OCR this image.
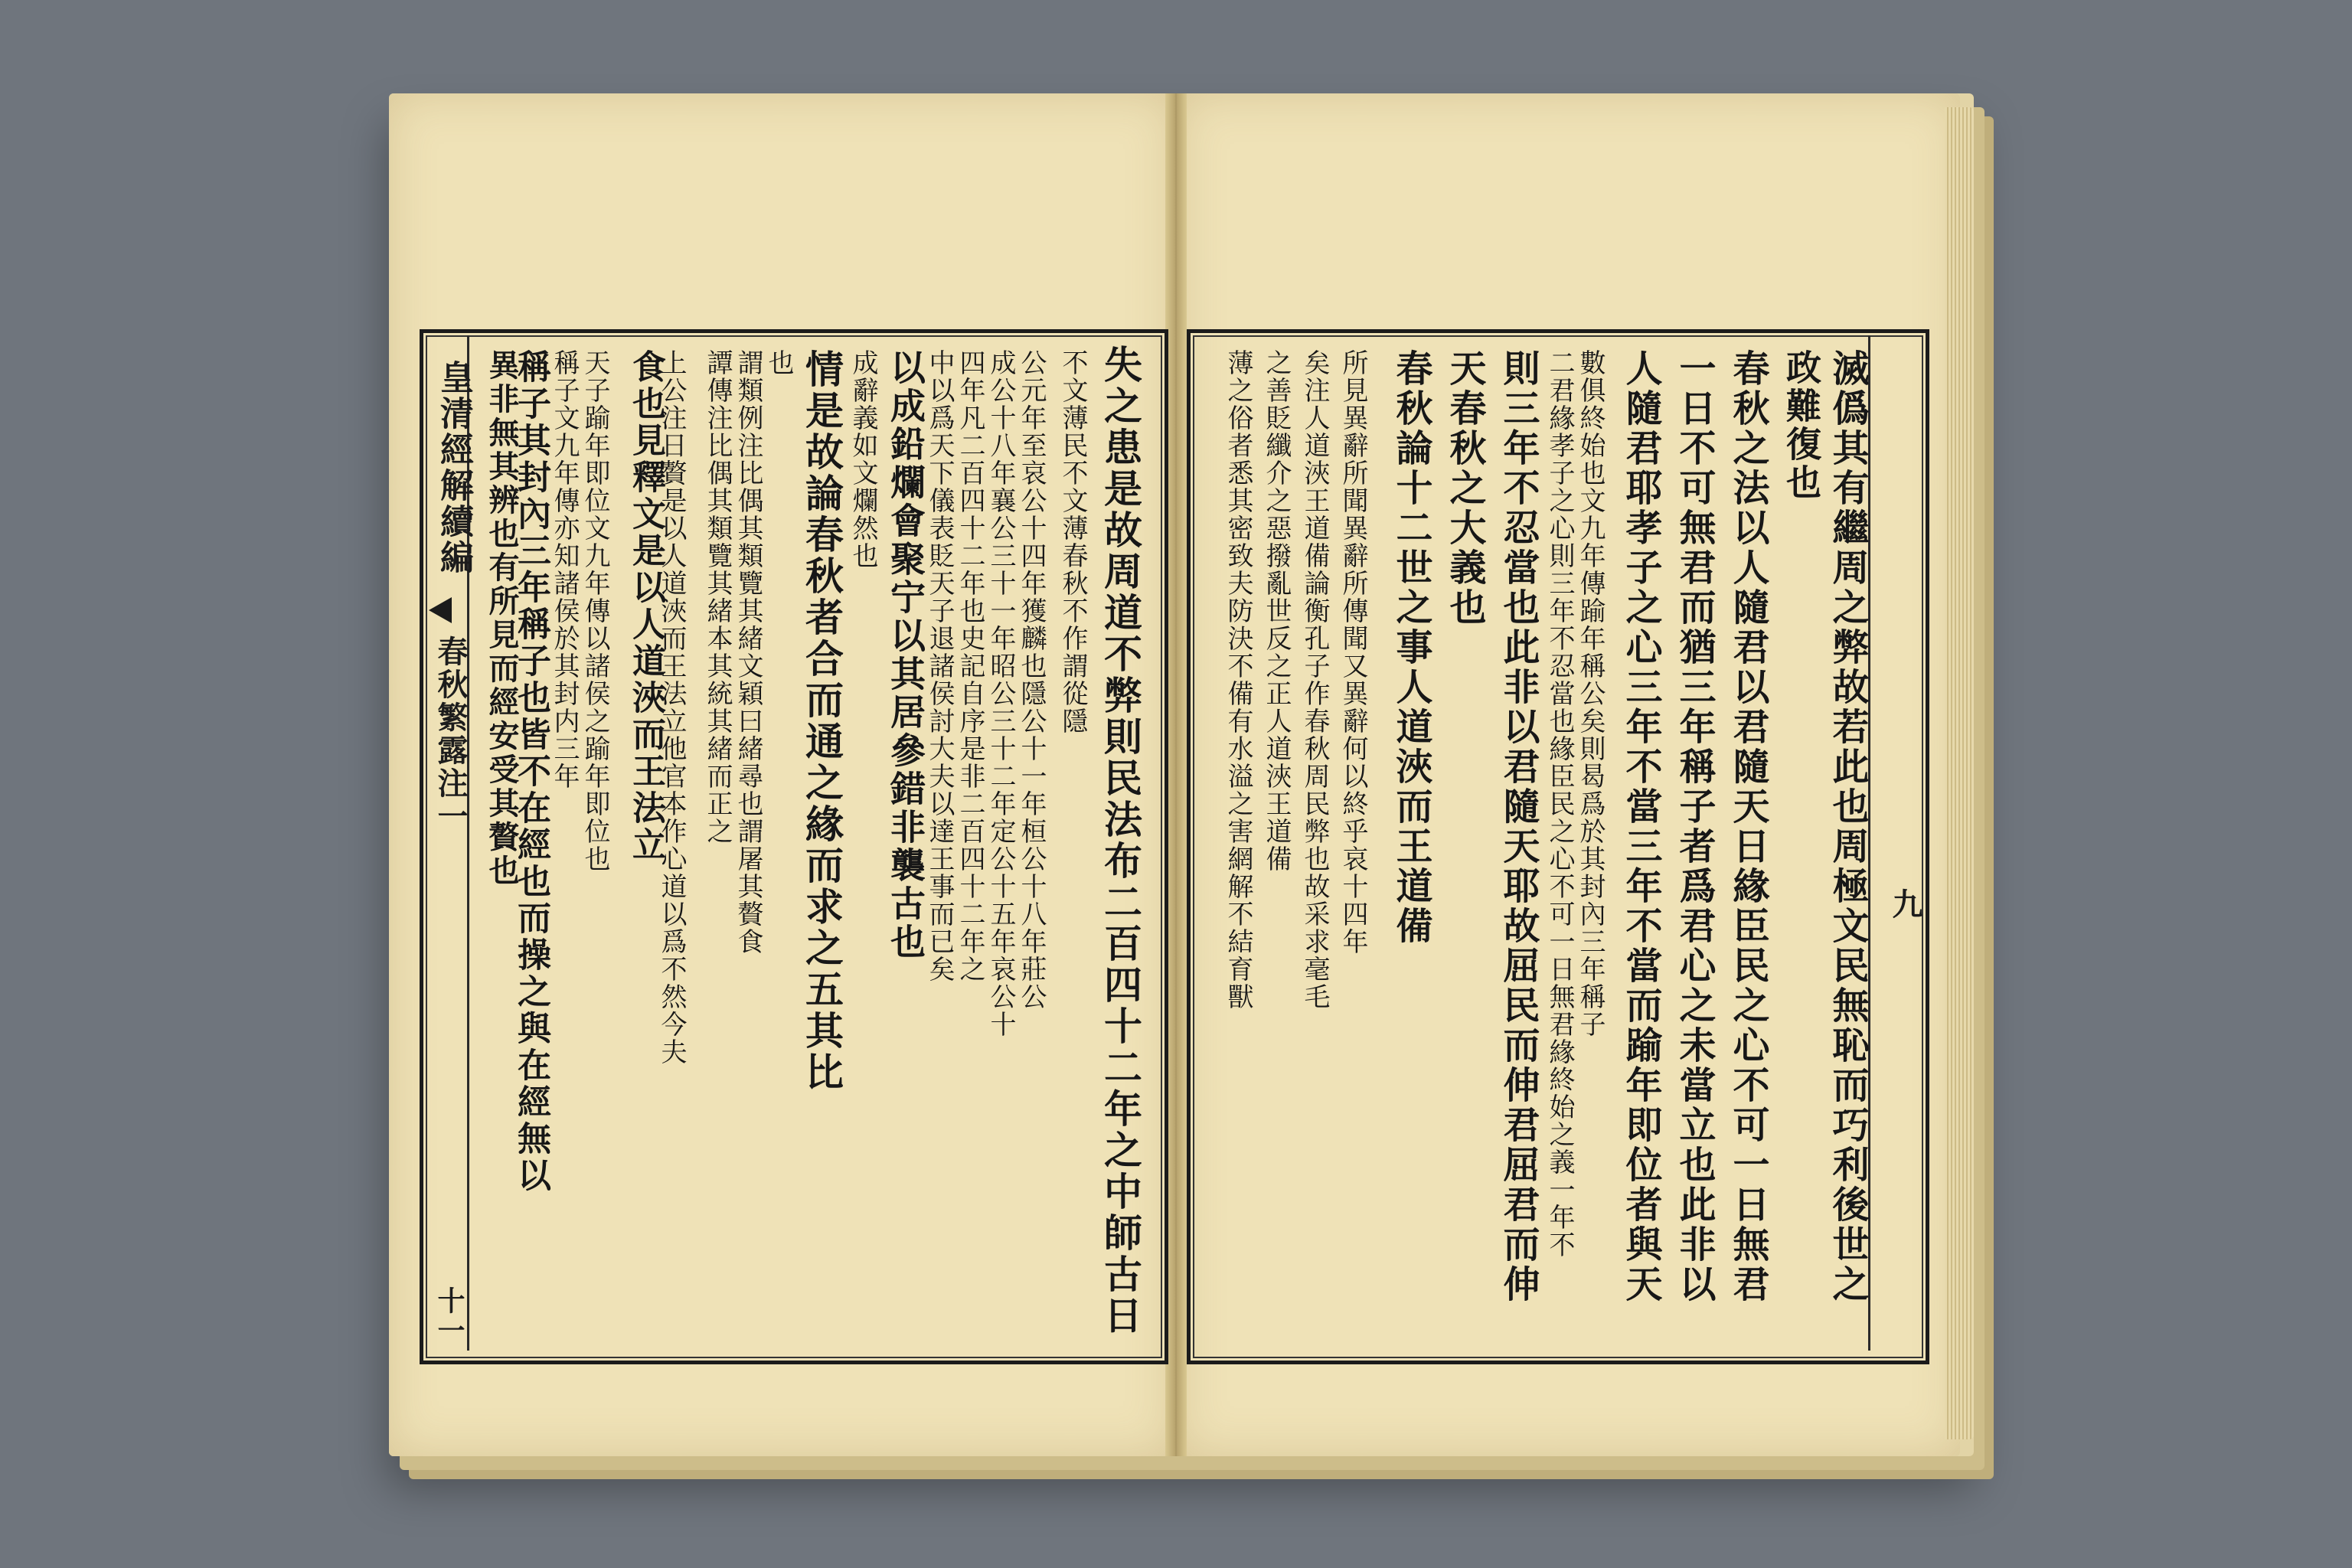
皇清經解續編
春秋繁露注一
十一	失之患是故周道不弊則民法布二百四十二年之中師古日
不文薄民不文薄春秋不作謂從隱
公元年至哀公十四年獲麟也隱公十一年桓公十八年莊公
成公十八年襄公三十一年昭公三十二年定公十五年哀公十
四年凡二百四十二年也史記自序是非二百四十二年之
中以爲天下儀表貶天子退諸侯討大夫以達王事而已矣
以成鉛爛會聚宁以其居參錯非襲古也
成辭義如文爛然也
情是故論春秋者合而通之緣而求之五其比
也
謂類例注比偶其類覽其緒文穎曰緒尋也謂屠其贅食
譚傳注比偶其類覽其緒本其統其緒而正之
上公注日贅是以人道浹而王法立他官本作心道以爲不然今夫
食也見釋文是以人道浹而王法立
天子踰年即位文九年傳以諸侯之踰年即位也
稱子文九年傳亦知諸侯於其封内三年
稱子其封內三年稱子也皆不在經也而操之與在經無以
異非無其辨也有所見而經安受其贅也
九
滅僞其有繼周之弊故若此也周極文民無恥而巧利後世之
政難復也
春秋之法以人隨君以君隨天日緣臣民之心不可一日無君
一日不可無君而猶三年稱子者爲君心之未當立也此非以
人隨君耶孝子之心三年不當三年不當而踰年即位者與天
數俱終始也文九年傳踰年稱公矣則曷爲於其封內三年稱子
二君緣孝子之心則三年不忍當也緣臣民之心不可一日無君緣終始之義一年不
則三年不忍當也此非以君隨天耶故屈民而伸君屈君而伸
天春秋之大義也
春秋論十二世之事人道浹而王道備
所見異辭所聞異辭所傳聞又異辭何以終乎哀十四年
矣注人道浹王道備論衡孔子作春秋周民弊也故采求毫毛
之善貶纖介之惡撥亂世反之正人道浹王道備
薄之俗者悉其密致夫防決不備有水溢之害網解不結育獸
